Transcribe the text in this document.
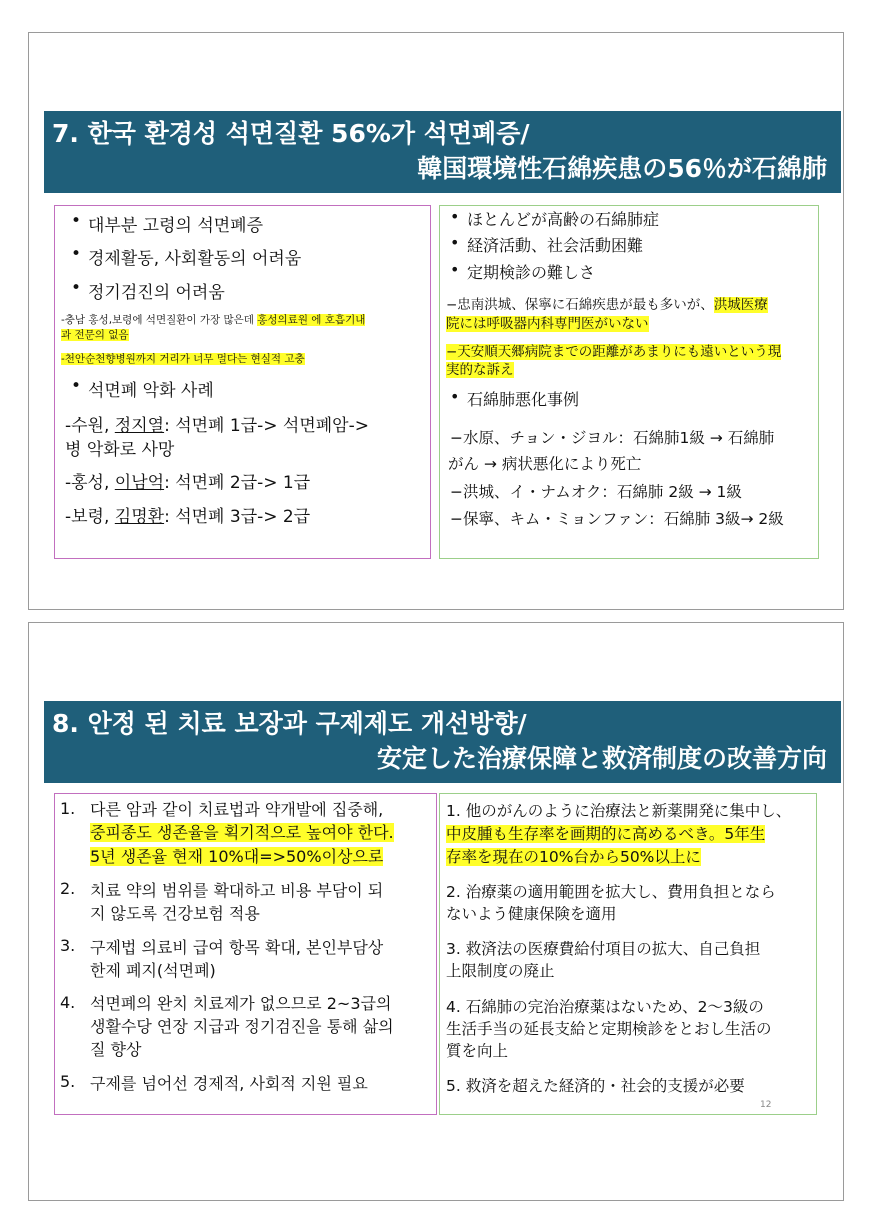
7. 한국 환경성 석면질환 56%가 석면폐증/
韓国環境性石綿疾患の56％が石綿肺
• 대부분 고령의 석면폐증
• 경제활동, 사회활동의 어려움
• 정기검진의 어려움
-충남 홍성,보령에 석면질환이 가장 많은데 홍성의료원 에 호흡기내
과 전문의 없음
-천안순천향병원까지 거리가 너무 멀다는 현실적 고충
• 석면폐 악화 사례
-수원, 정지열: 석면폐 1급-> 석면폐암->
병 악화로 사망
-홍성, 이남억: 석면폐 2급-> 1급
-보령, 김명환: 석면폐 3급-> 2급
• ほとんどが高齢の石綿肺症
• 経済活動、社会活動困難
• 定期検診の難しさ
−忠南洪城、保寧に石綿疾患が最も多いが、洪城医療
院には呼吸器内科専門医がいない
−天安順天郷病院までの距離があまりにも遠いという現
実的な訴え
• 石綿肺悪化事例
−水原、チョン・ジヨル：石綿肺1級 → 石綿肺
がん → 病状悪化により死亡
−洪城、イ・ナムオク：石綿肺 2級 → 1級
−保寧、キム・ミョンファン：石綿肺 3級→ 2級
8. 안정 된 치료 보장과 구제제도 개선방향/
安定した治療保障と救済制度の改善方向
1. 다른 암과 같이 치료법과 약개발에 집중해,
중피종도 생존율을 획기적으로 높여야 한다.
5년 생존율 현재 10%대=>50%이상으로
2. 치료 약의 범위를 확대하고 비용 부담이 되
지 않도록 건강보험 적용
3. 구제법 의료비 급여 항목 확대, 본인부담상
한제 폐지(석면폐)
4. 석면폐의 완치 치료제가 없으므로 2~3급의
생활수당 연장 지급과 정기검진을 통해 삶의
질 향상
5. 구제를 넘어선 경제적, 사회적 지원 필요
1. 他のがんのように治療法と新薬開発に集中し、
中皮腫も生存率を画期的に高めるべき。5年生
存率を現在の10%台から50%以上に
2. 治療薬の適用範囲を拡大し、費用負担となら
ないよう健康保険を適用
3. 救済法の医療費給付項目の拡大、自己負担
上限制度の廃止
4. 石綿肺の完治治療薬はないため、2～3級の
生活手当の延長支給と定期検診をとおし生活の
質を向上
5. 救済を超えた経済的・社会的支援が必要
12
